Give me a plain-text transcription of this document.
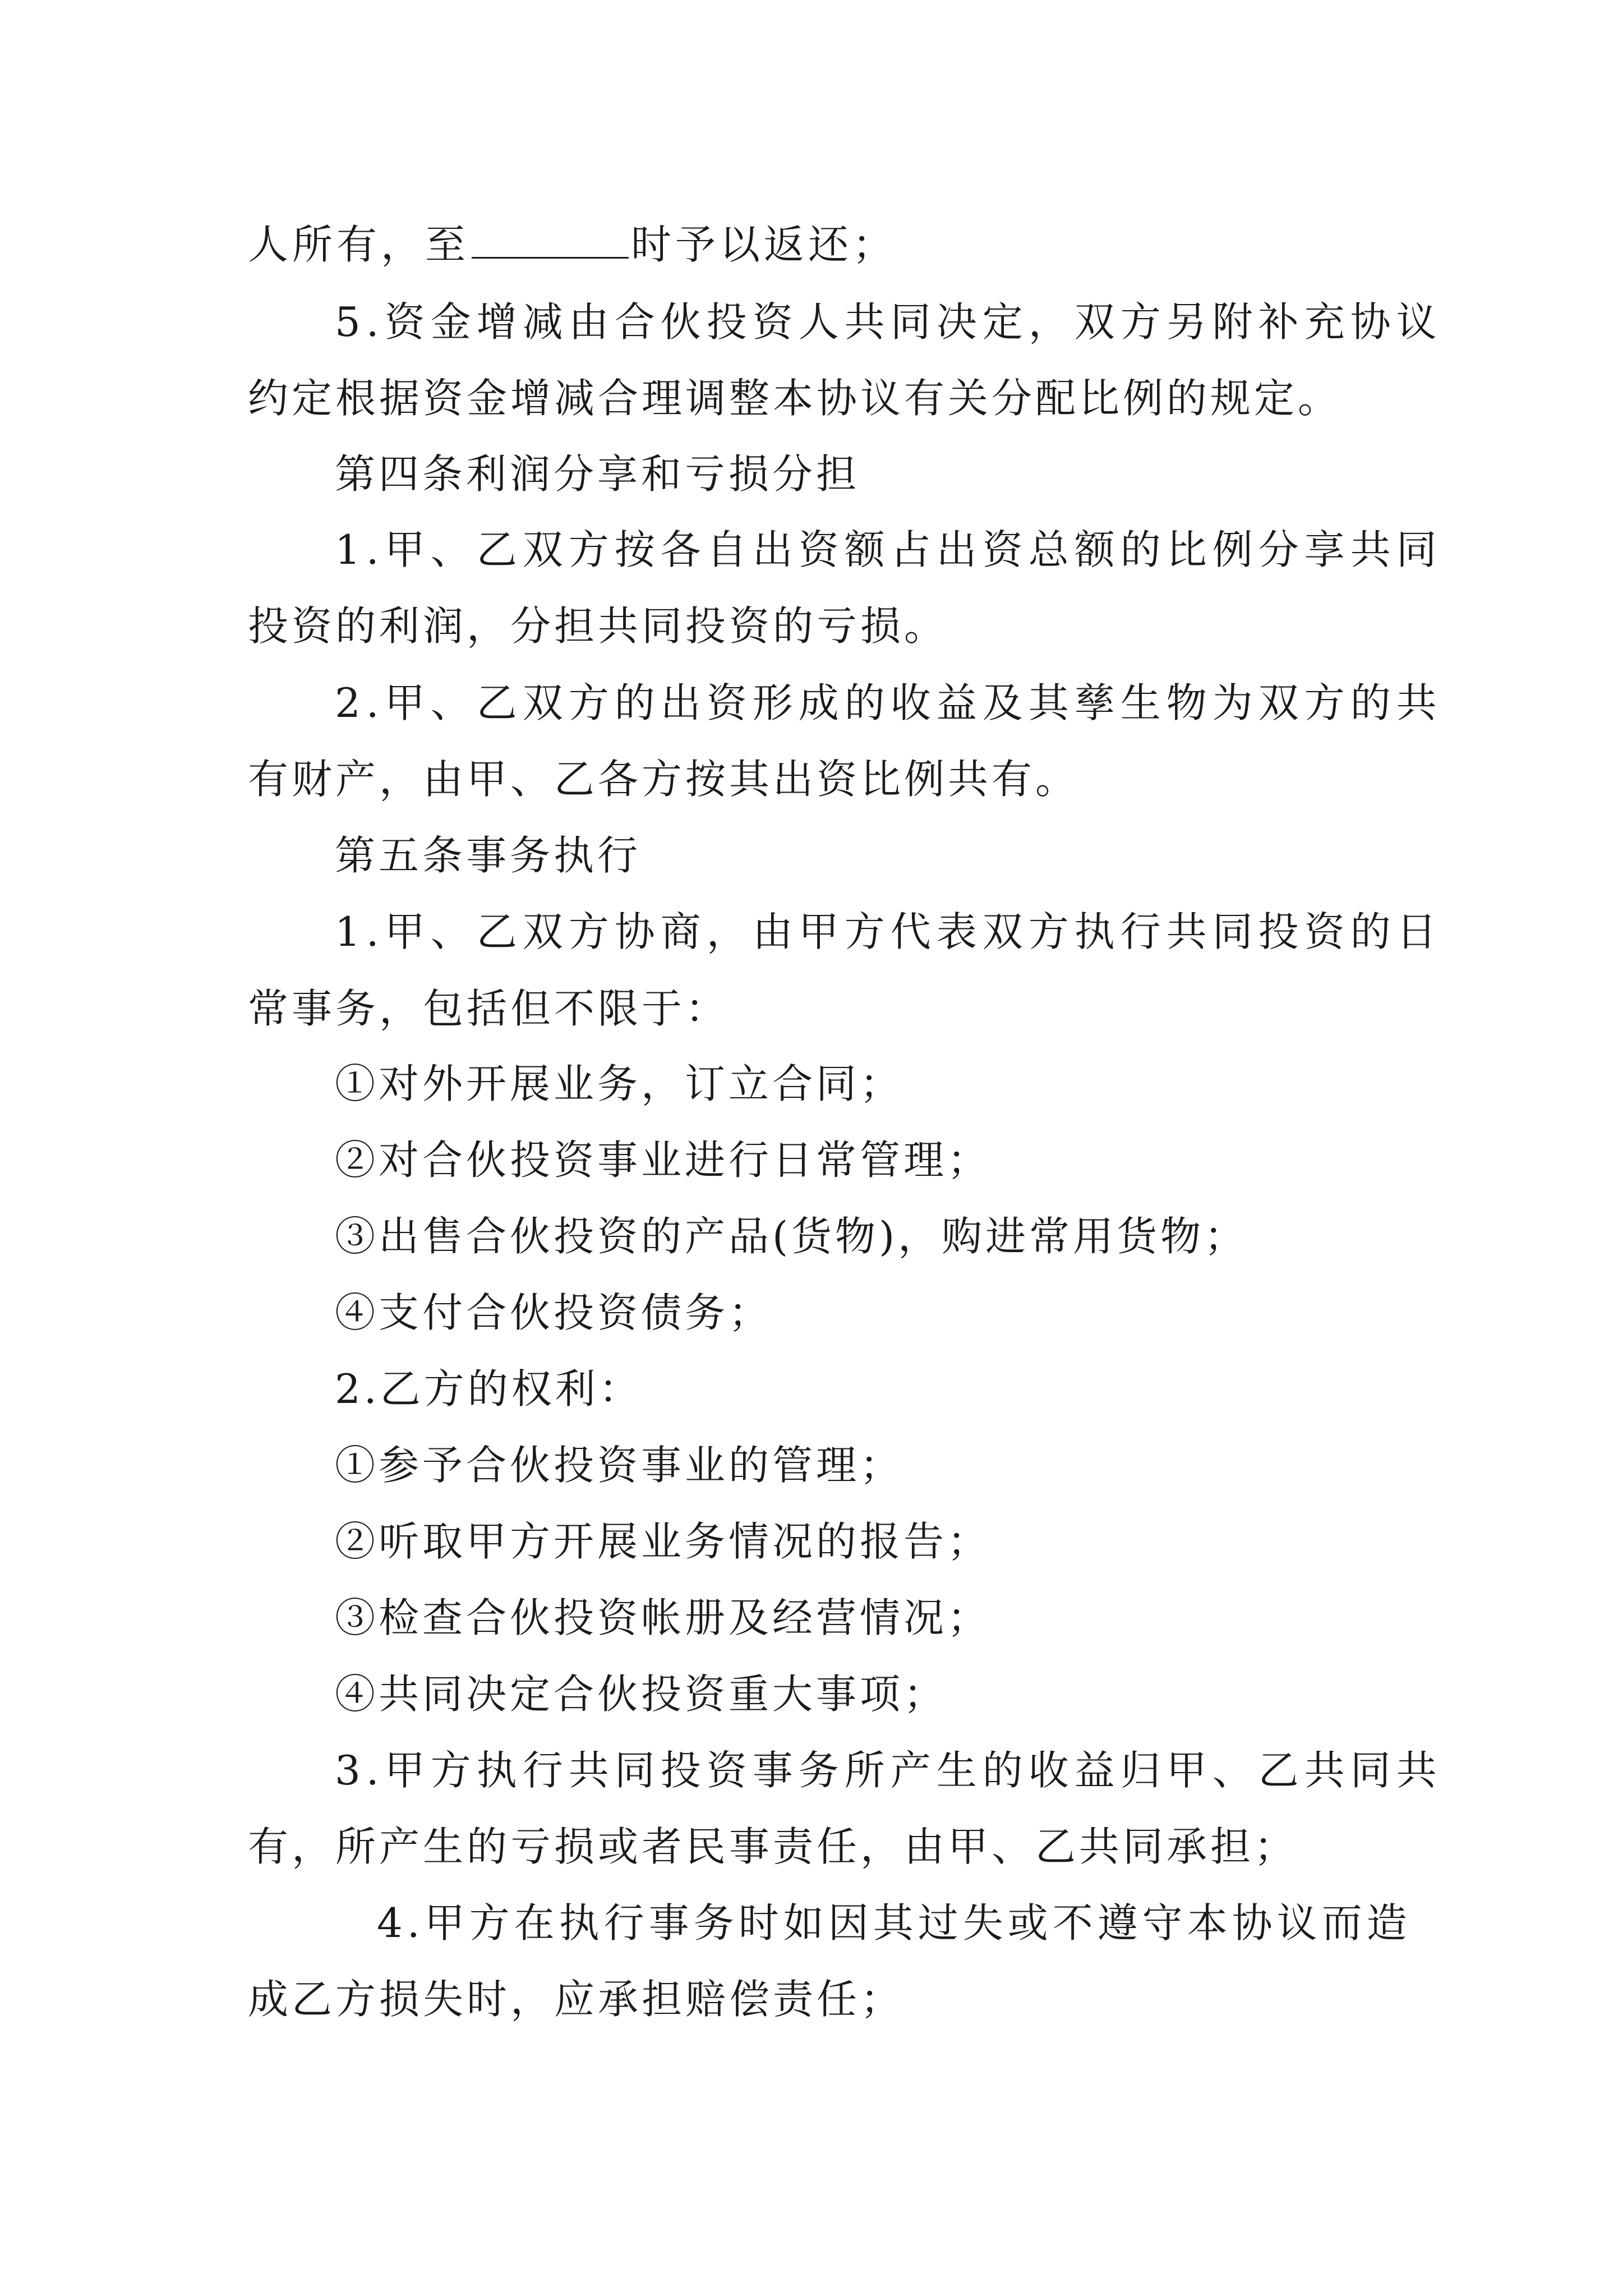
人所有，至	时予以返还；
5.资金增减由合伙投资人共同决定，双方另附补充协议
约定根据资金增减合理调整本协议有关分配比例的规定。
第四条利润分享和亏损分担
1.甲、乙双方按各自出资额占出资总额的比例分享共同
投资的利润，分担共同投资的亏损。
2.甲、乙双方的出资形成的收益及其孳生物为双方的共
有财产，由甲、乙各方按其出资比例共有。
第五条事务执行
1.甲、乙双方协商，由甲方代表双方执行共同投资的日
常事务，包括但不限于：
①对外开展业务，订立合同；
②对合伙投资事业进行日常管理；
③出售合伙投资的产品(货物)，购进常用货物；
④支付合伙投资债务；
2.乙方的权利：
①参予合伙投资事业的管理；
②听取甲方开展业务情况的报告；
③检查合伙投资帐册及经营情况；
④共同决定合伙投资重大事项；
3.甲方执行共同投资事务所产生的收益归甲、乙共同共
有，所产生的亏损或者民事责任，由甲、乙共同承担；
4.甲方在执行事务时如因其过失或不遵守本协议而造
成乙方损失时，应承担赔偿责任；
